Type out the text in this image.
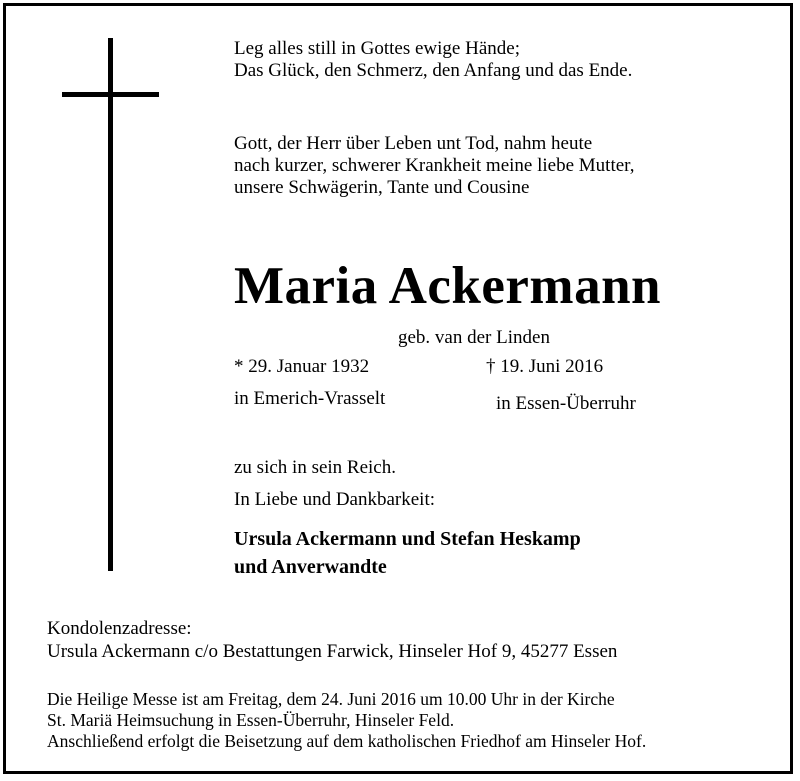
Leg alles still in Gottes ewige Hände;
Das Glück, den Schmerz, den Anfang und das Ende.
Gott, der Herr über Leben unt Tod, nahm heute
nach kurzer, schwerer Krankheit meine liebe Mutter,
unsere Schwägerin, Tante und Cousine
Maria Ackermann
geb. van der Linden
* 29. Januar 1932
in Emerich-Vrasselt
† 19. Juni 2016
in Essen-Überruhr
zu sich in sein Reich.
In Liebe und Dankbarkeit:
Ursula Ackermann und Stefan Heskamp
und Anverwandte
Kondolenzadresse:
Ursula Ackermann c/o Bestattungen Farwick, Hinseler Hof 9, 45277 Essen
Die Heilige Messe ist am Freitag, dem 24. Juni 2016 um 10.00 Uhr in der Kirche
St. Mariä Heimsuchung in Essen-Überruhr, Hinseler Feld.
Anschließend erfolgt die Beisetzung auf dem katholischen Friedhof am Hinseler Hof.
